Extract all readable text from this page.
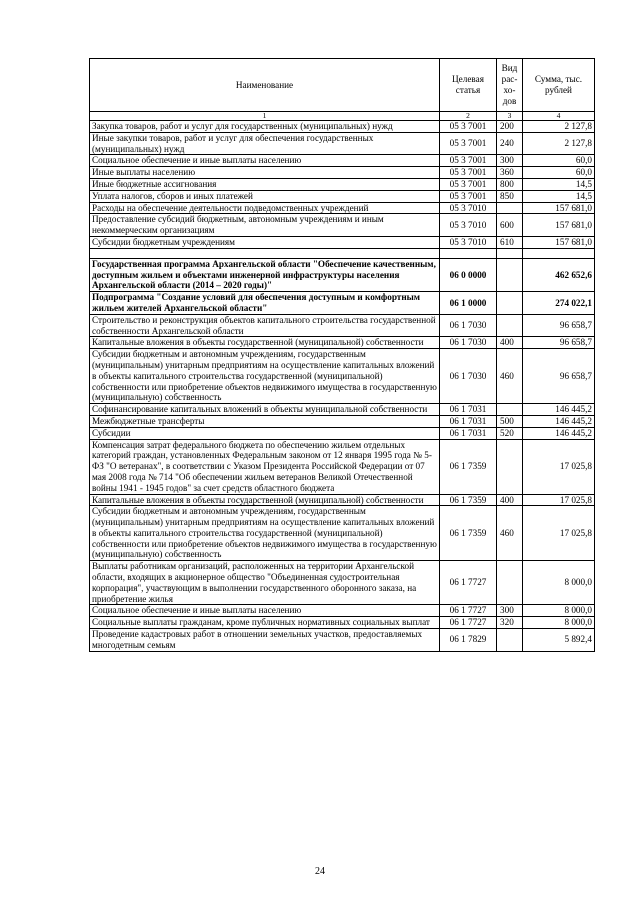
Наименование	Целевая статья	Вид рас- хо- дов	Сумма, тыс. рублей
1	2	3	4
Закупка товаров, работ и услуг для государственных (муниципальных) нужд	05 3 7001	200	2 127,8
Иные закупки товаров, работ и услуг для обеспечения государственных (муниципальных) нужд	05 3 7001	240	2 127,8
Социальное обеспечение и иные выплаты населению	05 3 7001	300	60,0
Иные выплаты населению	05 3 7001	360	60,0
Иные бюджетные ассигнования	05 3 7001	800	14,5
Уплата налогов, сборов и иных платежей	05 3 7001	850	14,5
Расходы на обеспечение деятельности подведомственных учреждений	05 3 7010		157 681,0
Предоставление субсидий бюджетным, автономным учреждениям и иным некоммерческим организациям	05 3 7010	600	157 681,0
Субсидии бюджетным учреждениям	05 3 7010	610	157 681,0

Государственная программа Архангельской области "Обеспечение качественным, доступным жильем и объектами инженерной инфраструктуры населения Архангельской области (2014 – 2020 годы)"	06 0 0000		462 652,6
Подпрограмма "Создание условий для обеспечения доступным и комфортным жильем жителей Архангельской области"	06 1 0000		274 022,1
Строительство и реконструкция объектов капитального строительства государственной собственности Архангельской области	06 1 7030		96 658,7
Капитальные вложения в объекты государственной (муниципальной) собственности	06 1 7030	400	96 658,7
Субсидии бюджетным и автономным учреждениям, государственным (муниципальным) унитарным предприятиям на осуществление капитальных вложений в объекты капитального строительства государственной (муниципальной) собственности или приобретение объектов недвижимого имущества в государственную (муниципальную) собственность	06 1 7030	460	96 658,7
Софинансирование капитальных вложений в объекты муниципальной собственности	06 1 7031		146 445,2
Межбюджетные трансферты	06 1 7031	500	146 445,2
Субсидии	06 1 7031	520	146 445,2
Компенсация затрат федерального бюджета по обеспечению жильем отдельных категорий граждан, установленных Федеральным законом от 12 января 1995 года № 5-ФЗ "О ветеранах", в соответствии с Указом Президента Российской Федерации от 07 мая 2008 года № 714 "Об обеспечении жильем ветеранов Великой Отечественной войны 1941 - 1945 годов" за счет средств областного бюджета	06 1 7359		17 025,8
Капитальные вложения в объекты государственной (муниципальной) собственности	06 1 7359	400	17 025,8
Субсидии бюджетным и автономным учреждениям, государственным (муниципальным) унитарным предприятиям на осуществление капитальных вложений в объекты капитального строительства государственной (муниципальной) собственности или приобретение объектов недвижимого имущества в государственную (муниципальную) собственность	06 1 7359	460	17 025,8
Выплаты работникам организаций, расположенных на территории Архангельской области, входящих в акционерное общество "Объединенная судостроительная корпорация", участвующим в выполнении государственного оборонного заказа, на приобретение жилья	06 1 7727		8 000,0
Социальное обеспечение и иные выплаты населению	06 1 7727	300	8 000,0
Социальные выплаты гражданам, кроме публичных нормативных социальных выплат	06 1 7727	320	8 000,0
Проведение кадастровых работ в отношении земельных участков, предоставляемых многодетным семьям	06 1 7829		5 892,4
24
